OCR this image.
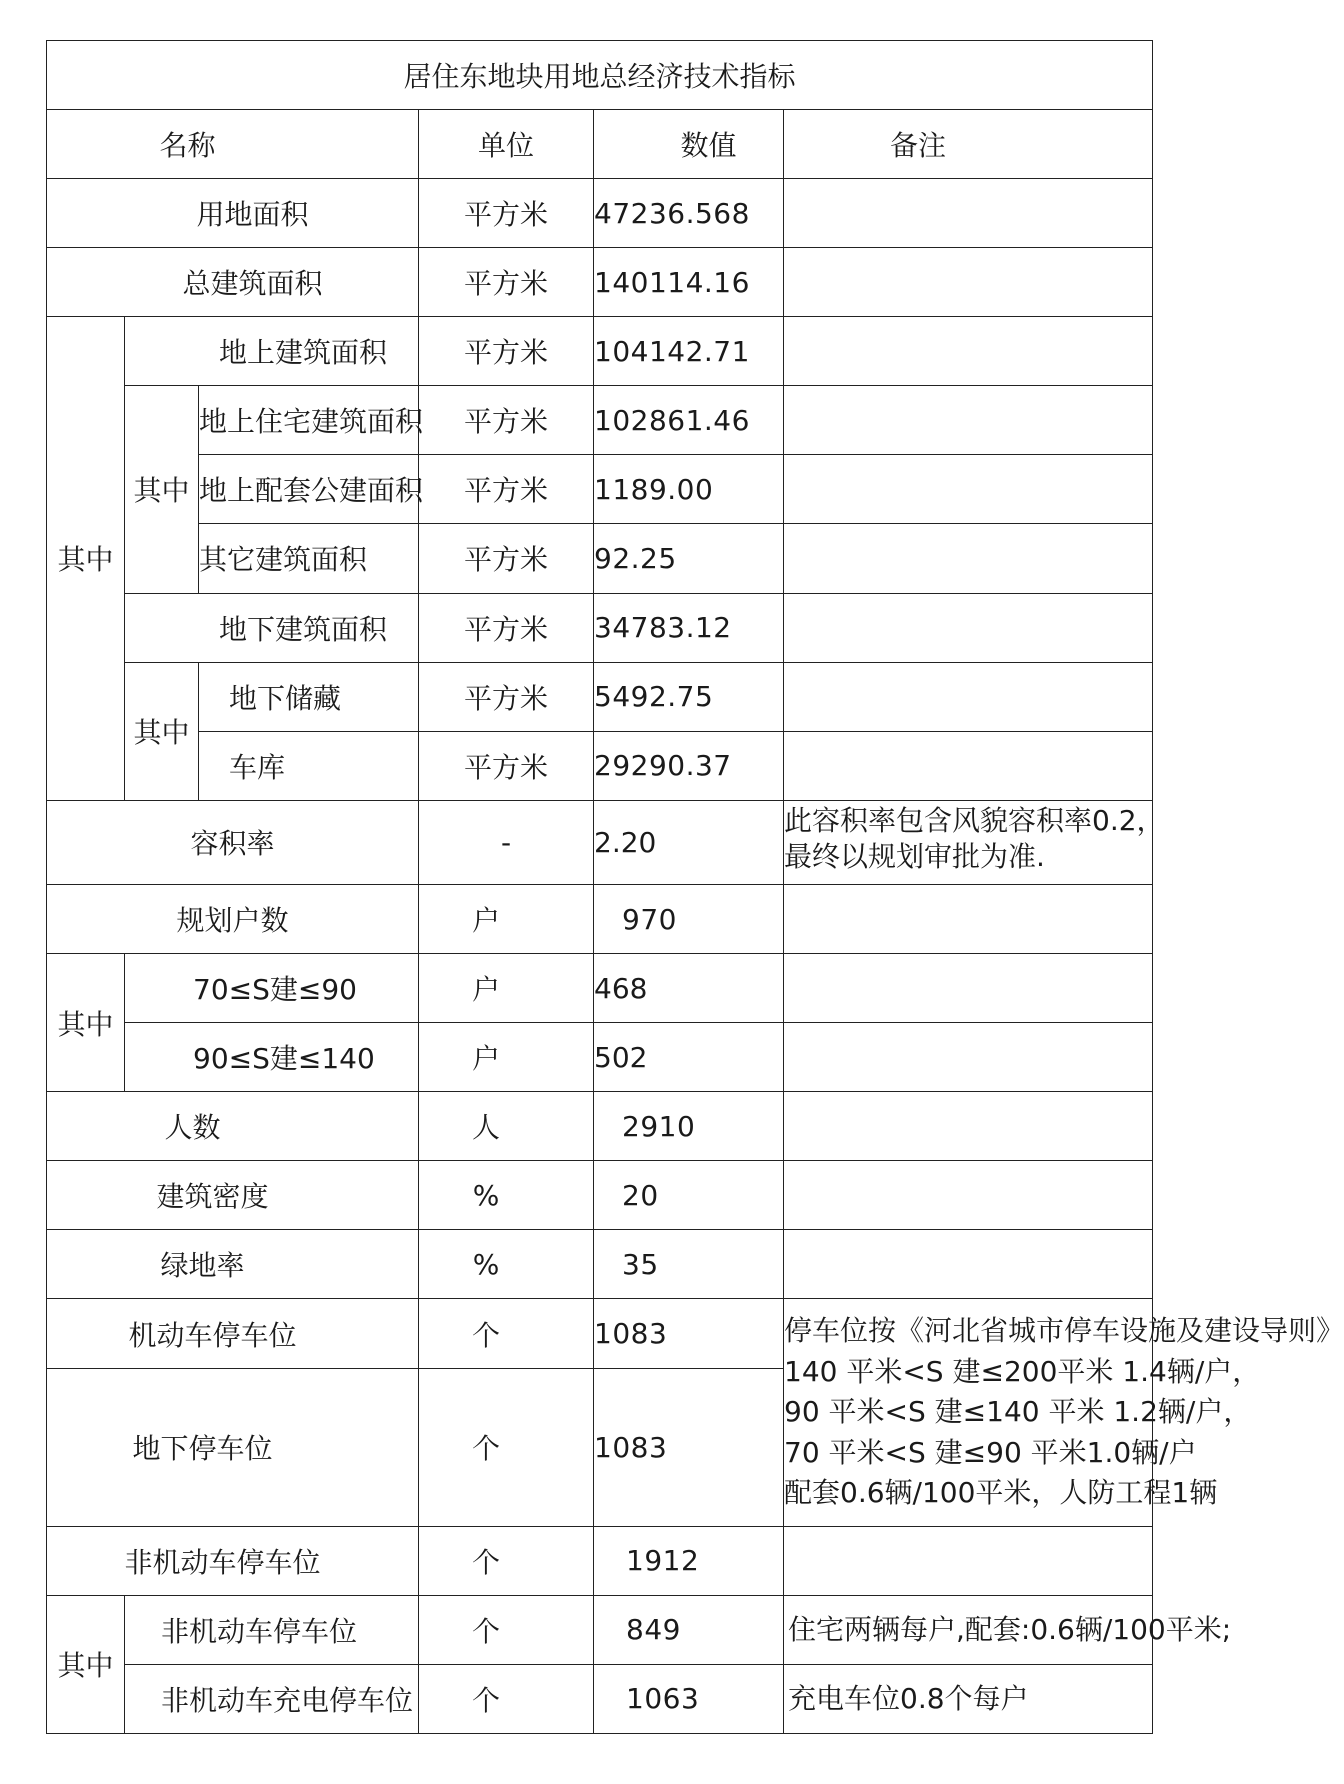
居住东地块用地总经济技术指标					
名称			单位	数值	备注
用地面积			平方米	47236.568	
总建筑面积			平方米	140114.16	
其中	地上建筑面积		平方米	104142.71	
	其中	地上住宅建筑面积	平方米	102861.46	
		地上配套公建面积	平方米	1189.00	
		其它建筑面积	平方米	92.25	
	地下建筑面积		平方米	34783.12	
	其中	地下储藏	平方米	5492.75	
		车库	平方米	29290.37	
容积率			-	2.20	此容积率包含风貌容积率0.2，
最终以规划审批为准.

规划户数			户	970	
其中	70≤S建≤90		户	468	
	90≤S建≤140		户	502	
人数			人	2910	
建筑密度			%	20	
绿地率			%	35	
机动车停车位			个	1083	停车位按《河北省城市停车设施及建设导则》
140 平米<S 建≤200平米 1.4辆/户，
90 平米<S 建≤140 平米 1.2辆/户，
70 平米<S 建≤90 平米1.0辆/户
配套0.6辆/100平米，人防工程1辆

地下停车位			个	1083	
非机动车停车位			个	1912	
其中	非机动车停车位		个	849	住宅两辆每户,配套:0.6辆/100平米;
	非机动车充电停车位		个	1063	充电车位0.8个每户
